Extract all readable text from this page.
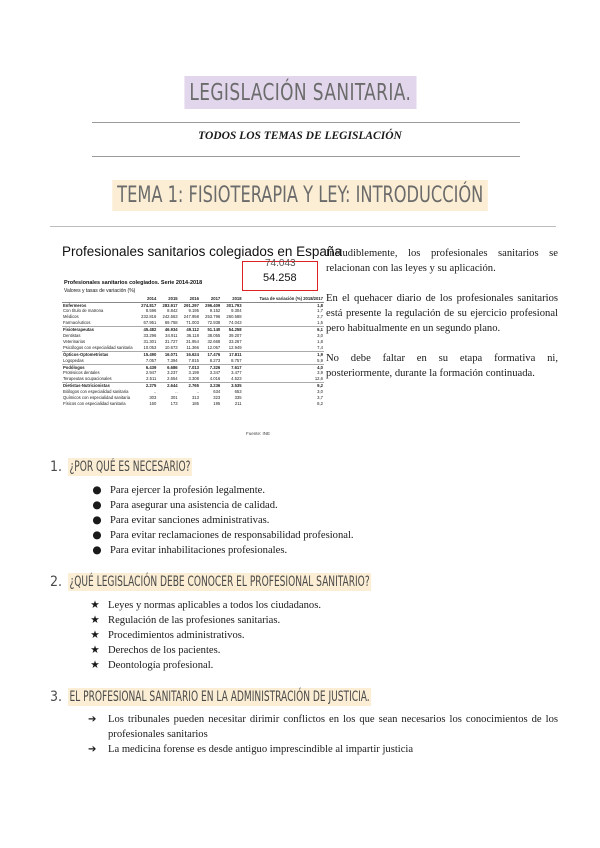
LEGISLACIÓN SANITARIA.
TODOS LOS TEMAS DE LEGISLACIÓN
TEMA 1: FISIOTERAPIA Y LEY: INTRODUCCIÓN
Profesionales sanitarios colegiados en España
74.043
54.258
Profesionales sanitarios colegiados. Serie 2014-2018
Valores y tasas de variación (%)
	2014	2015	2016	2017	2018	Tasa de variación (%) 2018/2017
Enfermeros	274.817	283.917	291.297	296.409	301.793	1,8
Con título de matrona	8.596	8.842	9.195	9.152	9.304	1,7
Médicos	232.816	242.563	247.958	253.796	260.588	2,7
Farmacéuticos	67.951	69.758	71.003	72.938	74.043	1,5
Fisioterapeutas	45.482	46.934	49.112	51.140	54.258	6,1
Dentistas	33.296	34.911	36.118	38.055	39.207	3,0
Veterinarios	31.301	31.727	31.954	32.668	33.267	1,8
Psicólogos con especialidad sanitaria	10.053	10.673	11.366	12.057	12.949	7,4
Ópticos-Optometristas	15.490	16.071	16.624	17.476	17.811	1,9
Logopedas	7.057	7.394	7.815	8.273	8.757	5,9
Podólogos	6.439	6.686	7.013	7.326	7.617	4,0
Protésicos dentales	2.947	3.237	3.199	3.347	3.477	3,9
Terapeutas ocupacionales	2.511	2.654	3.308	4.016	4.523	12,6
Dietistas-Nutricionistas	2.275	2.644	2.765	3.236	3.535	9,2
Biólogos con especialidad sanitaria	..	..	..	634	653	3,0
Químicos con especialidad sanitaria	303	301	313	323	335	3,7
Físicos con especialidad sanitaria	160	173	185	195	211	8,2
Fuente: INE

Ineludiblemente, los profesionales sanitarios se relacionan con las leyes y su aplicación.

En el quehacer diario de los profesionales sanitarios está presente la regulación de su ejercicio profesional pero habitualmente en un segundo plano.

No debe faltar en su etapa formativa ni, posteriormente, durante la formación continuada.

1. ¿POR QUÉ ES NECESARIO?
● Para ejercer la profesión legalmente.
● Para asegurar una asistencia de calidad.
● Para evitar sanciones administrativas.
● Para evitar reclamaciones de responsabilidad profesional.
● Para evitar inhabilitaciones profesionales.
2. ¿QUÉ LEGISLACIÓN DEBE CONOCER EL PROFESIONAL SANITARIO?
★ Leyes y normas aplicables a todos los ciudadanos.
★ Regulación de las profesiones sanitarias.
★ Procedimientos administrativos.
★ Derechos de los pacientes.
★ Deontología profesional.
3. EL PROFESIONAL SANITARIO EN LA ADMINISTRACIÓN DE JUSTICIA.
➔ Los tribunales pueden necesitar dirimir conflictos en los que sean necesarios los conocimientos de los profesionales sanitarios
➔ La medicina forense es desde antiguo imprescindible al impartir justicia
